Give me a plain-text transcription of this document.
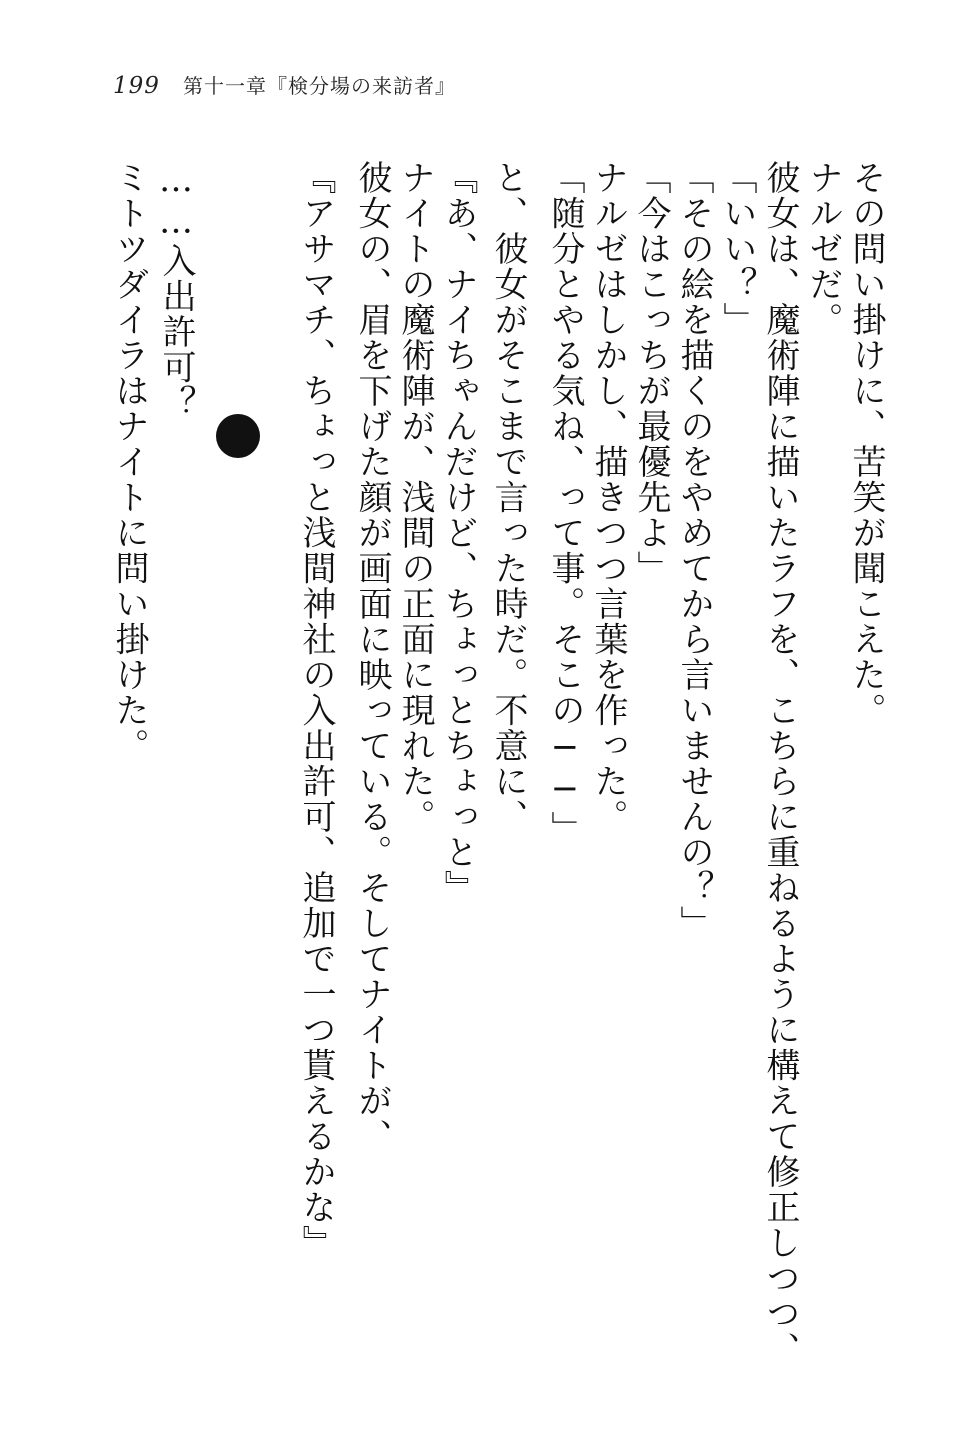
199 第十一章『検分場の来訪者』
その問い掛けに、苦笑が聞こえた。
ナルゼだ。
彼女は、魔術陣に描いたラフを、こちらに重ねるように構えて修正しつつ、
「いい？」
「その絵を描くのをやめてから言いませんの？」
「今はこっちが最優先よ」
ナルゼはしかし、描きつつ言葉を作った。
「随分とやる気ね、って事。そこの──」
と、彼女がそこまで言った時だ。不意に、
『あ、ナイちゃんだけど、ちょっとちょっと』
ナイトの魔術陣が、浅間の正面に現れた。
彼女の、眉を下げた顔が画面に映っている。そしてナイトが、
『アサマチ、ちょっと浅間神社の入出許可、追加で一つ貰えるかな』
……入出許可？
ミトツダイラはナイトに問い掛けた。
